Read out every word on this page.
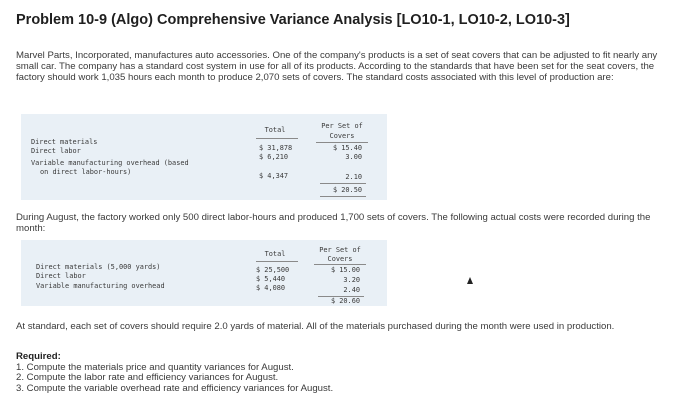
Problem 10-9 (Algo) Comprehensive Variance Analysis [LO10-1, LO10-2, LO10-3]
Marvel Parts, Incorporated, manufactures auto accessories. One of the company's products is a set of seat covers that can be adjusted to fit nearly any small car. The company has a standard cost system in use for all of its products. According to the standards that have been set for the seat covers, the factory should work 1,035 hours each month to produce 2,070 sets of covers. The standard costs associated with this level of production are:
Total	Per Set of
Covers
Direct materials
Direct labor
Variable manufacturing overhead (based
on direct labor-hours)
$ 31,878
$ 6,210
$ 4,347
$ 15.40
3.00
2.10
$ 20.50
During August, the factory worked only 500 direct labor-hours and produced 1,700 sets of covers. The following actual costs were recorded during the month:
Total	Per Set of
Covers
Direct materials (5,000 yards)
Direct labor
Variable manufacturing overhead
$ 25,500
$ 5,440
$ 4,080
$ 15.00
3.20
2.40
$ 20.60
At standard, each set of covers should require 2.0 yards of material. All of the materials purchased during the month were used in production.
Required:
1. Compute the materials price and quantity variances for August.
2. Compute the labor rate and efficiency variances for August.
3. Compute the variable overhead rate and efficiency variances for August.
